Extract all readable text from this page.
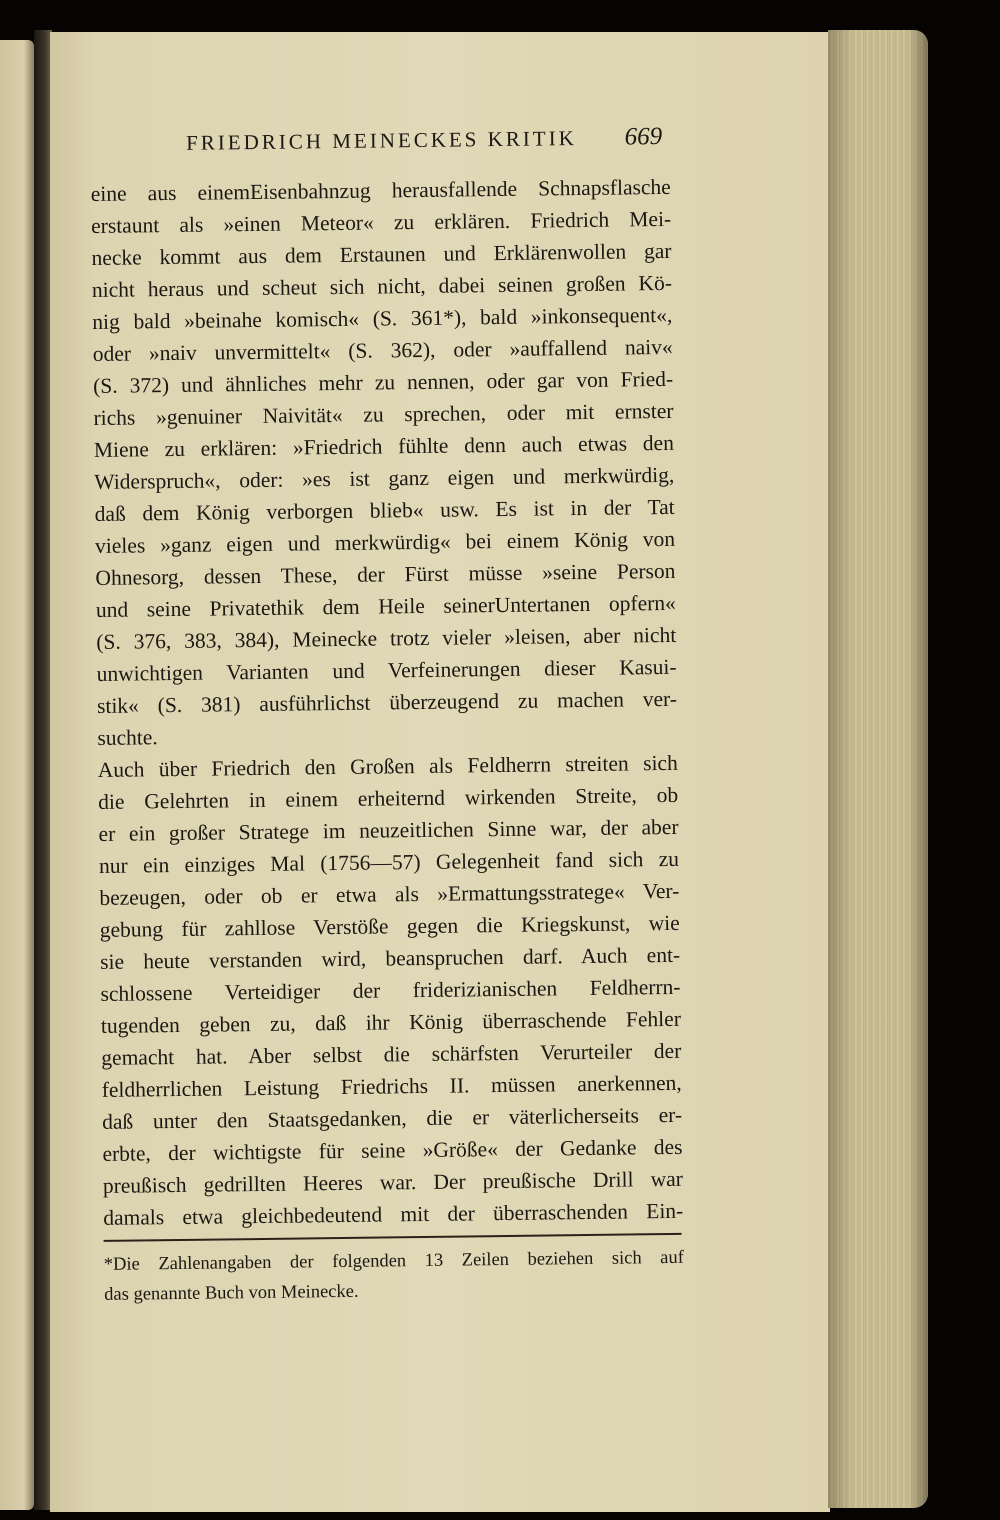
FRIEDRICH MEINECKES KRITIK 669
eine aus einemEisenbahnzug herausfallende Schnapsflasche
erstaunt als »einen Meteor« zu erklären. Friedrich Mei-
necke kommt aus dem Erstaunen und Erklärenwollen gar
nicht heraus und scheut sich nicht, dabei seinen großen Kö-
nig bald »beinahe komisch« (S. 361*), bald »inkonsequent«,
oder »naiv unvermittelt« (S. 362), oder »auffallend naiv«
(S. 372) und ähnliches mehr zu nennen, oder gar von Fried-
richs »genuiner Naivität« zu sprechen, oder mit ernster
Miene zu erklären: »Friedrich fühlte denn auch etwas den
Widerspruch«, oder: »es ist ganz eigen und merkwürdig,
daß dem König verborgen blieb« usw. Es ist in der Tat
vieles »ganz eigen und merkwürdig« bei einem König von
Ohnesorg, dessen These, der Fürst müsse »seine Person
und seine Privatethik dem Heile seinerUntertanen opfern«
(S. 376, 383, 384), Meinecke trotz vieler »leisen, aber nicht
unwichtigen Varianten und Verfeinerungen dieser Kasui-
stik« (S. 381) ausführlichst überzeugend zu machen ver-
suchte.
Auch über Friedrich den Großen als Feldherrn streiten sich
die Gelehrten in einem erheiternd wirkenden Streite, ob
er ein großer Stratege im neuzeitlichen Sinne war, der aber
nur ein einziges Mal (1756—57) Gelegenheit fand sich zu
bezeugen, oder ob er etwa als »Ermattungsstratege« Ver-
gebung für zahllose Verstöße gegen die Kriegskunst, wie
sie heute verstanden wird, beanspruchen darf. Auch ent-
schlossene Verteidiger der friderizianischen Feldherrn-
tugenden geben zu, daß ihr König überraschende Fehler
gemacht hat. Aber selbst die schärfsten Verurteiler der
feldherrlichen Leistung Friedrichs II. müssen anerkennen,
daß unter den Staatsgedanken, die er väterlicherseits er-
erbte, der wichtigste für seine »Größe« der Gedanke des
preußisch gedrillten Heeres war. Der preußische Drill war
damals etwa gleichbedeutend mit der überraschenden Ein-
*Die Zahlenangaben der folgenden 13 Zeilen beziehen sich auf
das genannte Buch von Meinecke.
